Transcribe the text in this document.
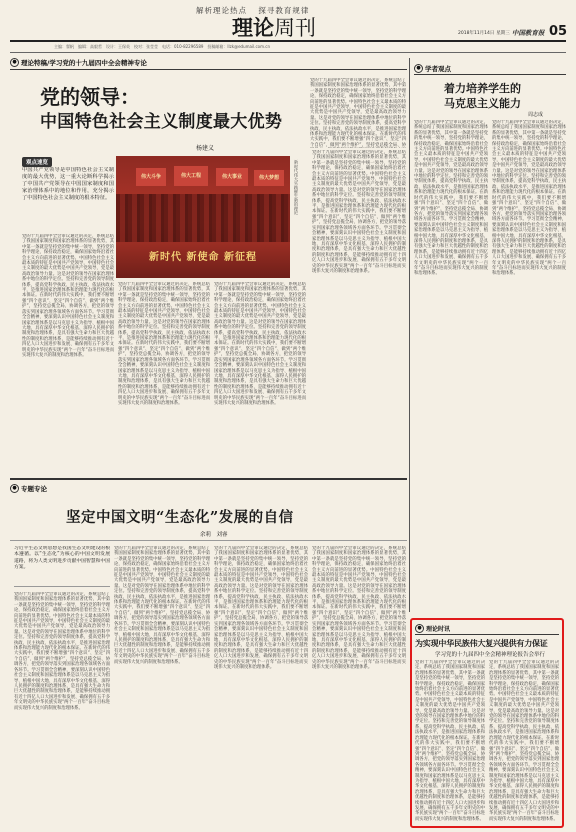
解析理论热点 探寻教育规律
理论周刊	2018年11月14日 星期三 中国教育报 05
主编：翟帆　编辑：高毅哲　设计：王保英　校对：张莹莹　电话：010-82296589　投稿邮箱：llzk@edumail.com.cn
● 理论特稿/学习党的十九届四中全会精神专论
党的领导：
中国特色社会主义制度最大优势
杨建义
观点速览
中国共产党领导是中国特色社会主义制度的最大优势，这一重大论断科学揭示了中国共产党领导在中国国家制度和国家治理体系中的地位和作用，充分揭示了中国特色社会主义制度的根本特征。
伟大斗争	伟大工程	伟大事业	伟大梦想
新时代 新使命 新征程
新时代伟大实践催生新的理论
党的十九届四中全会审议通过的决定，系统总结了我国国家制度和国家治理体系的显著优势，其中第一条就是坚持党的集中统一领导，坚持党的科学理论，保持政治稳定，确保国家始终沿着社会主义方向前进的显著优势。中国特色社会主义最本质的特征是中国共产党领导，中国特色社会主义制度的最大优势是中国共产党领导，党是最高政治领导力量。这是对党的领导在国家治理体系中地位的科学定位。坚持和完善党的领导制度体系，提高党科学执政、民主执政、依法执政水平，是推进国家治理体系和治理能力现代化的根本保证。在新时代的伟大实践中，我们要不断增强“四个意识”、坚定“四个自信”、做到“两个维护”，坚持党总揽全局、协调各方，把党的领导落实到国家治理各领域各方面各环节。学习贯彻全会精神，要深刻认识中国特色社会主义制度和国家治理体系是以马克思主义为指导、植根中国大地、具有深厚中华文化根基、深得人民拥护的制度和治理体系，是具有强大生命力和巨大优越性的制度和治理体系，是能够持续推动拥有近十四亿人口大国进步和发展、确保拥有五千多年文明史的中华民族实现“两个一百年”奋斗目标进而实现伟大复兴的制度和治理体系。
党的十九届四中全会审议通过的决定，系统总结了我国国家制度和国家治理体系的显著优势，其中第一条就是坚持党的集中统一领导，坚持党的科学理论，保持政治稳定，确保国家始终沿着社会主义方向前进的显著优势。中国特色社会主义最本质的特征是中国共产党领导，中国特色社会主义制度的最大优势是中国共产党领导，党是最高政治领导力量。这是对党的领导在国家治理体系中地位的科学定位。坚持和完善党的领导制度体系，提高党科学执政、民主执政、依法执政水平，是推进国家治理体系和治理能力现代化的根本保证。在新时代的伟大实践中，我们要不断增强“四个意识”、坚定“四个自信”、做到“两个维护”，坚持党总揽全局、协调各方，把党的领导落实到国家治理各领域各方面各环节。学习贯彻全会精神，要深刻认识中国特色社会主义制度和国家治理体系是以马克思主义为指导、植根中国大地、具有深厚中华文化根基、深得人民拥护的制度和治理体系，是具有强大生命力和巨大优越性的制度和治理体系，是能够持续推动拥有近十四亿人口大国进步和发展、确保拥有五千多年文明史的中华民族实现“两个一百年”奋斗目标进而实现伟大复兴的制度和治理体系。
党的十九届四中全会审议通过的决定，系统总结了我国国家制度和国家治理体系的显著优势，其中第一条就是坚持党的集中统一领导，坚持党的科学理论，保持政治稳定，确保国家始终沿着社会主义方向前进的显著优势。中国特色社会主义最本质的特征是中国共产党领导，中国特色社会主义制度的最大优势是中国共产党领导，党是最高政治领导力量。这是对党的领导在国家治理体系中地位的科学定位。坚持和完善党的领导制度体系，提高党科学执政、民主执政、依法执政水平，是推进国家治理体系和治理能力现代化的根本保证。在新时代的伟大实践中，我们要不断增强“四个意识”、坚定“四个自信”、做到“两个维护”，坚持党总揽全局、协调各方，把党的领导落实到国家治理各领域各方面各环节。学习贯彻全会精神，要深刻认识中国特色社会主义制度和国家治理体系是以马克思主义为指导、植根中国大地、具有深厚中华文化根基、深得人民拥护的制度和治理体系，是具有强大生命力和巨大优越性的制度和治理体系，是能够持续推动拥有近十四亿人口大国进步和发展、确保拥有五千多年文明史的中华民族实现“两个一百年”奋斗目标进而实现伟大复兴的制度和治理体系。
党的十九届四中全会审议通过的决定，系统总结了我国国家制度和国家治理体系的显著优势，其中第一条就是坚持党的集中统一领导，坚持党的科学理论，保持政治稳定，确保国家始终沿着社会主义方向前进的显著优势。中国特色社会主义最本质的特征是中国共产党领导，中国特色社会主义制度的最大优势是中国共产党领导，党是最高政治领导力量。这是对党的领导在国家治理体系中地位的科学定位。坚持和完善党的领导制度体系，提高党科学执政、民主执政、依法执政水平，是推进国家治理体系和治理能力现代化的根本保证。在新时代的伟大实践中，我们要不断增强“四个意识”、坚定“四个自信”、做到“两个维护”，坚持党总揽全局、协调各方，把党的领导落实到国家治理各领域各方面各环节。学习贯彻全会精神，要深刻认识中国特色社会主义制度和国家治理体系是以马克思主义为指导、植根中国大地、具有深厚中华文化根基、深得人民拥护的制度和治理体系，是具有强大生命力和巨大优越性的制度和治理体系，是能够持续推动拥有近十四亿人口大国进步和发展、确保拥有五千多年文明史的中华民族实现“两个一百年”奋斗目标进而实现伟大复兴的制度和治理体系。
党的十九届四中全会审议通过的决定，系统总结了我国国家制度和国家治理体系的显著优势，其中第一条就是坚持党的集中统一领导，坚持党的科学理论，保持政治稳定，确保国家始终沿着社会主义方向前进的显著优势。中国特色社会主义最本质的特征是中国共产党领导，中国特色社会主义制度的最大优势是中国共产党领导，党是最高政治领导力量。这是对党的领导在国家治理体系中地位的科学定位。坚持和完善党的领导制度体系，提高党科学执政、民主执政、依法执政水平，是推进国家治理体系和治理能力现代化的根本保证。在新时代的伟大实践中，我们要不断增强“四个意识”、坚定“四个自信”、做到“两个维护”，坚持党总揽全局、协
● 学者观点
着力培养学生的
马克思主义能力
周志成
党的十九届四中全会审议通过的决定，系统总结了我国国家制度和国家治理体系的显著优势，其中第一条就是坚持党的集中统一领导，坚持党的科学理论，保持政治稳定，确保国家始终沿着社会主义方向前进的显著优势。中国特色社会主义最本质的特征是中国共产党领导，中国特色社会主义制度的最大优势是中国共产党领导，党是最高政治领导力量。这是对党的领导在国家治理体系中地位的科学定位。坚持和完善党的领导制度体系，提高党科学执政、民主执政、依法执政水平，是推进国家治理体系和治理能力现代化的根本保证。在新时代的伟大实践中，我们要不断增强“四个意识”、坚定“四个自信”、做到“两个维护”，坚持党总揽全局、协调各方，把党的领导落实到国家治理各领域各方面各环节。学习贯彻全会精神，要深刻认识中国特色社会主义制度和国家治理体系是以马克思主义为指导、植根中国大地、具有深厚中华文化根基、深得人民拥护的制度和治理体系，是具有强大生命力和巨大优越性的制度和治理体系，是能够持续推动拥有近十四亿人口大国进步和发展、确保拥有五千多年文明史的中华民族实现“两个一百年”奋斗目标进而实现伟大复兴的制度和治理体系。
党的十九届四中全会审议通过的决定，系统总结了我国国家制度和国家治理体系的显著优势，其中第一条就是坚持党的集中统一领导，坚持党的科学理论，保持政治稳定，确保国家始终沿着社会主义方向前进的显著优势。中国特色社会主义最本质的特征是中国共产党领导，中国特色社会主义制度的最大优势是中国共产党领导，党是最高政治领导力量。这是对党的领导在国家治理体系中地位的科学定位。坚持和完善党的领导制度体系，提高党科学执政、民主执政、依法执政水平，是推进国家治理体系和治理能力现代化的根本保证。在新时代的伟大实践中，我们要不断增强“四个意识”、坚定“四个自信”、做到“两个维护”，坚持党总揽全局、协调各方，把党的领导落实到国家治理各领域各方面各环节。学习贯彻全会精神，要深刻认识中国特色社会主义制度和国家治理体系是以马克思主义为指导、植根中国大地、具有深厚中华文化根基、深得人民拥护的制度和治理体系，是具有强大生命力和巨大优越性的制度和治理体系，是能够持续推动拥有近十四亿人口大国进步和发展、确保拥有五千多年文明史的中华民族实现“两个一百年”奋斗目标进而实现伟大复兴的制度和治理体系。
● 专题专论
坚定中国文明“生态化”发展的自信
余莉　刘睿
习近平生态文明思想是我国生态文明建设的根本遵循。以“生态化”为核心的中国文明发展道路，将为人类文明进步贡献中国智慧和中国方案。
党的十九届四中全会审议通过的决定，系统总结了我国国家制度和国家治理体系的显著优势，其中第一条就是坚持党的集中统一领导，坚持党的科学理论，保持政治稳定，确保国家始终沿着社会主义方向前进的显著优势。中国特色社会主义最本质的特征是中国共产党领导，中国特色社会主义制度的最大优势是中国共产党领导，党是最高政治领导力量。这是对党的领导在国家治理体系中地位的科学定位。坚持和完善党的领导制度体系，提高党科学执政、民主执政、依法执政水平，是推进国家治理体系和治理能力现代化的根本保证。在新时代的伟大实践中，我们要不断增强“四个意识”、坚定“四个自信”、做到“两个维护”，坚持党总揽全局、协调各方，把党的领导落实到国家治理各领域各方面各环节。学习贯彻全会精神，要深刻认识中国特色社会主义制度和国家治理体系是以马克思主义为指导、植根中国大地、具有深厚中华文化根基、深得人民拥护的制度和治理体系，是具有强大生命力和巨大优越性的制度和治理体系，是能够持续推动拥有近十四亿人口大国进步和发展、确保拥有五千多年文明史的中华民族实现“两个一百年”奋斗目标进而实现伟大复兴的制度和治理体系。
党的十九届四中全会审议通过的决定，系统总结了我国国家制度和国家治理体系的显著优势，其中第一条就是坚持党的集中统一领导，坚持党的科学理论，保持政治稳定，确保国家始终沿着社会主义方向前进的显著优势。中国特色社会主义最本质的特征是中国共产党领导，中国特色社会主义制度的最大优势是中国共产党领导，党是最高政治领导力量。这是对党的领导在国家治理体系中地位的科学定位。坚持和完善党的领导制度体系，提高党科学执政、民主执政、依法执政水平，是推进国家治理体系和治理能力现代化的根本保证。在新时代的伟大实践中，我们要不断增强“四个意识”、坚定“四个自信”、做到“两个维护”，坚持党总揽全局、协调各方，把党的领导落实到国家治理各领域各方面各环节。学习贯彻全会精神，要深刻认识中国特色社会主义制度和国家治理体系是以马克思主义为指导、植根中国大地、具有深厚中华文化根基、深得人民拥护的制度和治理体系，是具有强大生命力和巨大优越性的制度和治理体系，是能够持续推动拥有近十四亿人口大国进步和发展、确保拥有五千多年文明史的中华民族实现“两个一百年”奋斗目标进而实现伟大复兴的制度和治理体系。
党的十九届四中全会审议通过的决定，系统总结了我国国家制度和国家治理体系的显著优势，其中第一条就是坚持党的集中统一领导，坚持党的科学理论，保持政治稳定，确保国家始终沿着社会主义方向前进的显著优势。中国特色社会主义最本质的特征是中国共产党领导，中国特色社会主义制度的最大优势是中国共产党领导，党是最高政治领导力量。这是对党的领导在国家治理体系中地位的科学定位。坚持和完善党的领导制度体系，提高党科学执政、民主执政、依法执政水平，是推进国家治理体系和治理能力现代化的根本保证。在新时代的伟大实践中，我们要不断增强“四个意识”、坚定“四个自信”、做到“两个维护”，坚持党总揽全局、协调各方，把党的领导落实到国家治理各领域各方面各环节。学习贯彻全会精神，要深刻认识中国特色社会主义制度和国家治理体系是以马克思主义为指导、植根中国大地、具有深厚中华文化根基、深得人民拥护的制度和治理体系，是具有强大生命力和巨大优越性的制度和治理体系，是能够持续推动拥有近十四亿人口大国进步和发展、确保拥有五千多年文明史的中华民族实现“两个一百年”奋斗目标进而实现伟大复兴的制度和治理体系。
党的十九届四中全会审议通过的决定，系统总结了我国国家制度和国家治理体系的显著优势，其中第一条就是坚持党的集中统一领导，坚持党的科学理论，保持政治稳定，确保国家始终沿着社会主义方向前进的显著优势。中国特色社会主义最本质的特征是中国共产党领导，中国特色社会主义制度的最大优势是中国共产党领导，党是最高政治领导力量。这是对党的领导在国家治理体系中地位的科学定位。坚持和完善党的领导制度体系，提高党科学执政、民主执政、依法执政水平，是推进国家治理体系和治理能力现代化的根本保证。在新时代的伟大实践中，我们要不断增强“四个意识”、坚定“四个自信”、做到“两个维护”，坚持党总揽全局、协调各方，把党的领导落实到国家治理各领域各方面各环节。学习贯彻全会精神，要深刻认识中国特色社会主义制度和国家治理体系是以马克思主义为指导、植根中国大地、具有深厚中华文化根基、深得人民拥护的制度和治理体系，是具有强大生命力和巨大优越性的制度和治理体系，是能够持续推动拥有近十四亿人口大国进步和发展、确保拥有五千多年文明史的中华民族实现“两个一百年”奋斗目标进而实现伟大复兴的制度和治理体系。
● 理论时讯
为实现中华民族伟大复兴提供有力保证
学习党的十九届四中全会精神理论报告会举行
党的十九届四中全会审议通过的决定，系统总结了我国国家制度和国家治理体系的显著优势，其中第一条就是坚持党的集中统一领导，坚持党的科学理论，保持政治稳定，确保国家始终沿着社会主义方向前进的显著优势。中国特色社会主义最本质的特征是中国共产党领导，中国特色社会主义制度的最大优势是中国共产党领导，党是最高政治领导力量。这是对党的领导在国家治理体系中地位的科学定位。坚持和完善党的领导制度体系，提高党科学执政、民主执政、依法执政水平，是推进国家治理体系和治理能力现代化的根本保证。在新时代的伟大实践中，我们要不断增强“四个意识”、坚定“四个自信”、做到“两个维护”，坚持党总揽全局、协调各方，把党的领导落实到国家治理各领域各方面各环节。学习贯彻全会精神，要深刻认识中国特色社会主义制度和国家治理体系是以马克思主义为指导、植根中国大地、具有深厚中华文化根基、深得人民拥护的制度和治理体系，是具有强大生命力和巨大优越性的制度和治理体系，是能够持续推动拥有近十四亿人口大国进步和发展、确保拥有五千多年文明史的中华民族实现“两个一百年”奋斗目标进而实现伟大复兴的制度和治理体系。
党的十九届四中全会审议通过的决定，系统总结了我国国家制度和国家治理体系的显著优势，其中第一条就是坚持党的集中统一领导，坚持党的科学理论，保持政治稳定，确保国家始终沿着社会主义方向前进的显著优势。中国特色社会主义最本质的特征是中国共产党领导，中国特色社会主义制度的最大优势是中国共产党领导，党是最高政治领导力量。这是对党的领导在国家治理体系中地位的科学定位。坚持和完善党的领导制度体系，提高党科学执政、民主执政、依法执政水平，是推进国家治理体系和治理能力现代化的根本保证。在新时代的伟大实践中，我们要不断增强“四个意识”、坚定“四个自信”、做到“两个维护”，坚持党总揽全局、协调各方，把党的领导落实到国家治理各领域各方面各环节。学习贯彻全会精神，要深刻认识中国特色社会主义制度和国家治理体系是以马克思主义为指导、植根中国大地、具有深厚中华文化根基、深得人民拥护的制度和治理体系，是具有强大生命力和巨大优越性的制度和治理体系，是能够持续推动拥有近十四亿人口大国进步和发展、确保拥有五千多年文明史的中华民族实现“两个一百年”奋斗目标进而实现伟大复兴的制度和治理体系。
